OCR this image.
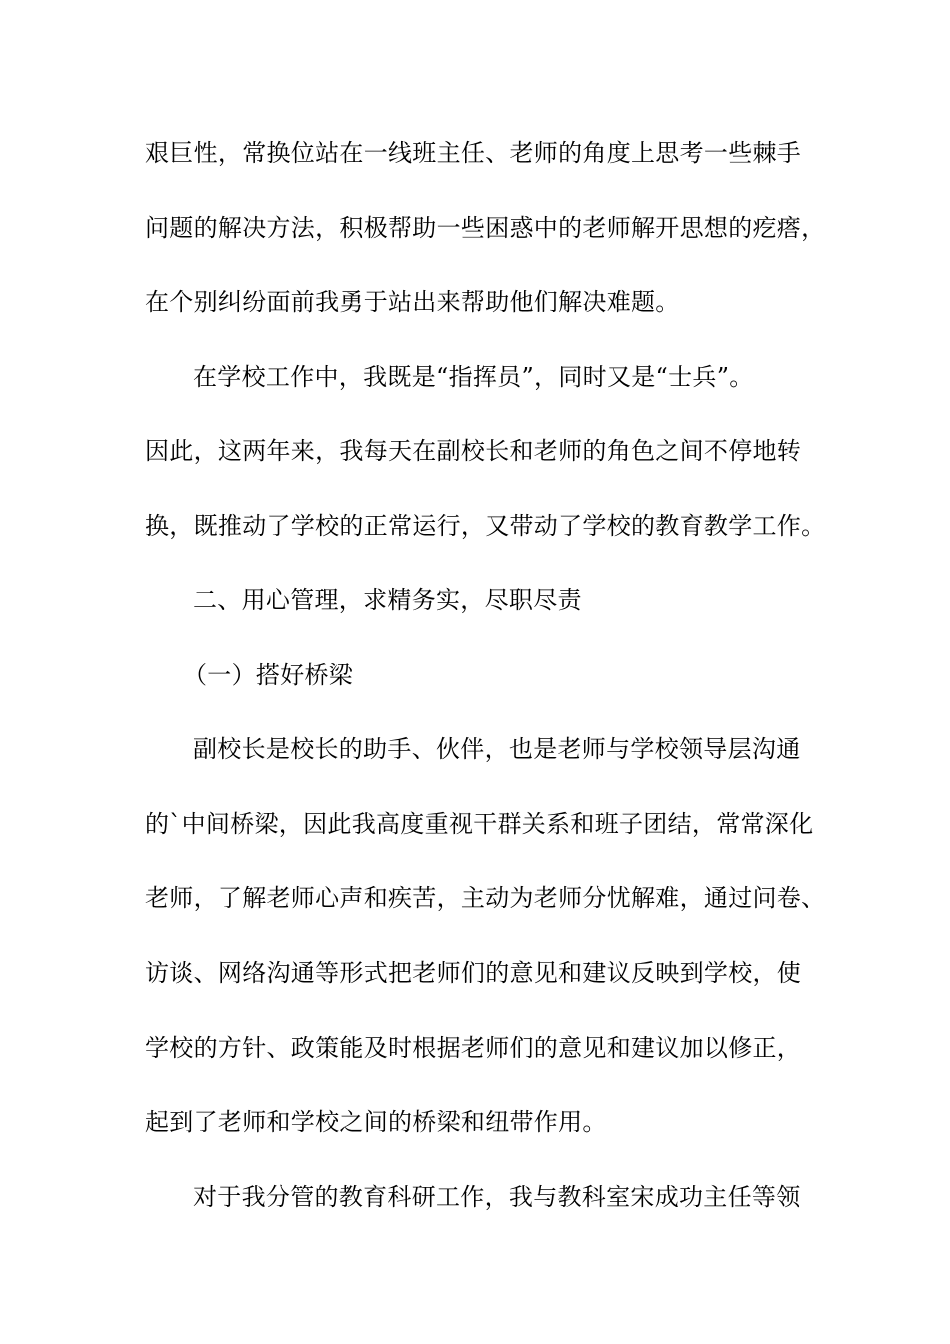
艰巨性，常换位站在一线班主任、老师的角度上思考一些棘手
问题的解决方法，积极帮助一些困惑中的老师解开思想的疙瘩，
在个别纠纷面前我勇于站出来帮助他们解决难题。
在学校工作中，我既是“指挥员”，同时又是“士兵”。
因此，这两年来，我每天在副校长和老师的角色之间不停地转
换，既推动了学校的正常运行，又带动了学校的教育教学工作。
二、用心管理，求精务实，尽职尽责
（一）搭好桥梁
副校长是校长的助手、伙伴，也是老师与学校领导层沟通
的`中间桥梁，因此我高度重视干群关系和班子团结，常常深化
老师，了解老师心声和疾苦，主动为老师分忧解难，通过问卷、
访谈、网络沟通等形式把老师们的意见和建议反映到学校，使
学校的方针、政策能及时根据老师们的意见和建议加以修正，
起到了老师和学校之间的桥梁和纽带作用。
对于我分管的教育科研工作，我与教科室宋成功主任等领
